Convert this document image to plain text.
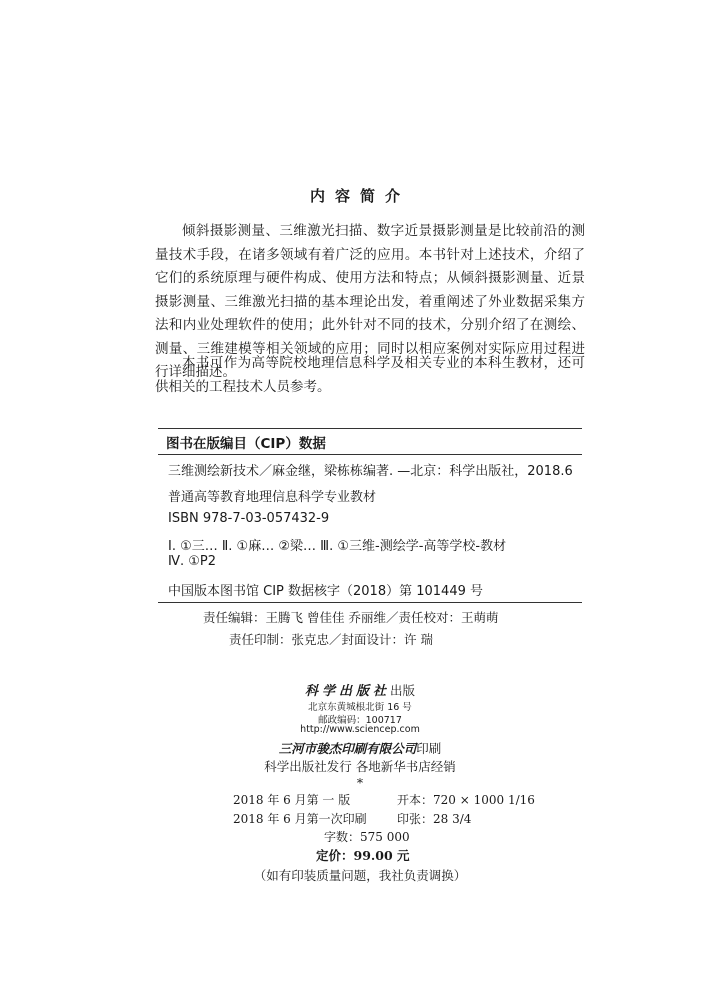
内容简介

倾斜摄影测量、三维激光扫描、数字近景摄影测量是比较前沿的测量技术手段，在诸多领域有着广泛的应用。本书针对上述技术，介绍了它们的系统原理与硬件构成、使用方法和特点；从倾斜摄影测量、近景摄影测量、三维激光扫描的基本理论出发，着重阐述了外业数据采集方法和内业处理软件的使用；此外针对不同的技术，分别介绍了在测绘、测量、三维建模等相关领域的应用；同时以相应案例对实际应用过程进行详细描述。

本书可作为高等院校地理信息科学及相关专业的本科生教材，还可供相关的工程技术人员参考。

图书在版编目（CIP）数据
三维测绘新技术／麻金继，梁栋栋编著. —北京：科学出版社，2018.6
普通高等教育地理信息科学专业教材
ISBN 978-7-03-057432-9
Ⅰ. ①三… Ⅱ. ①麻… ②梁… Ⅲ. ①三维-测绘学-高等学校-教材
Ⅳ. ①P2
中国版本图书馆 CIP 数据核字（2018）第 101449 号
责任编辑：王腾飞 曾佳佳 乔丽维／责任校对：王萌萌
责任印制：张克忠／封面设计：许 瑞
科学出版社出版
北京东黄城根北街 16 号
邮政编码：100717
http://www.sciencep.com
三河市骏杰印刷有限公司印刷
科学出版社发行 各地新华书店经销
*
2018 年 6 月第 一 版	开本：720 × 1000 1/16
2018 年 6 月第一次印刷	印张：28 3/4
字数：575 000
定价：99.00 元
（如有印装质量问题，我社负责调换）
